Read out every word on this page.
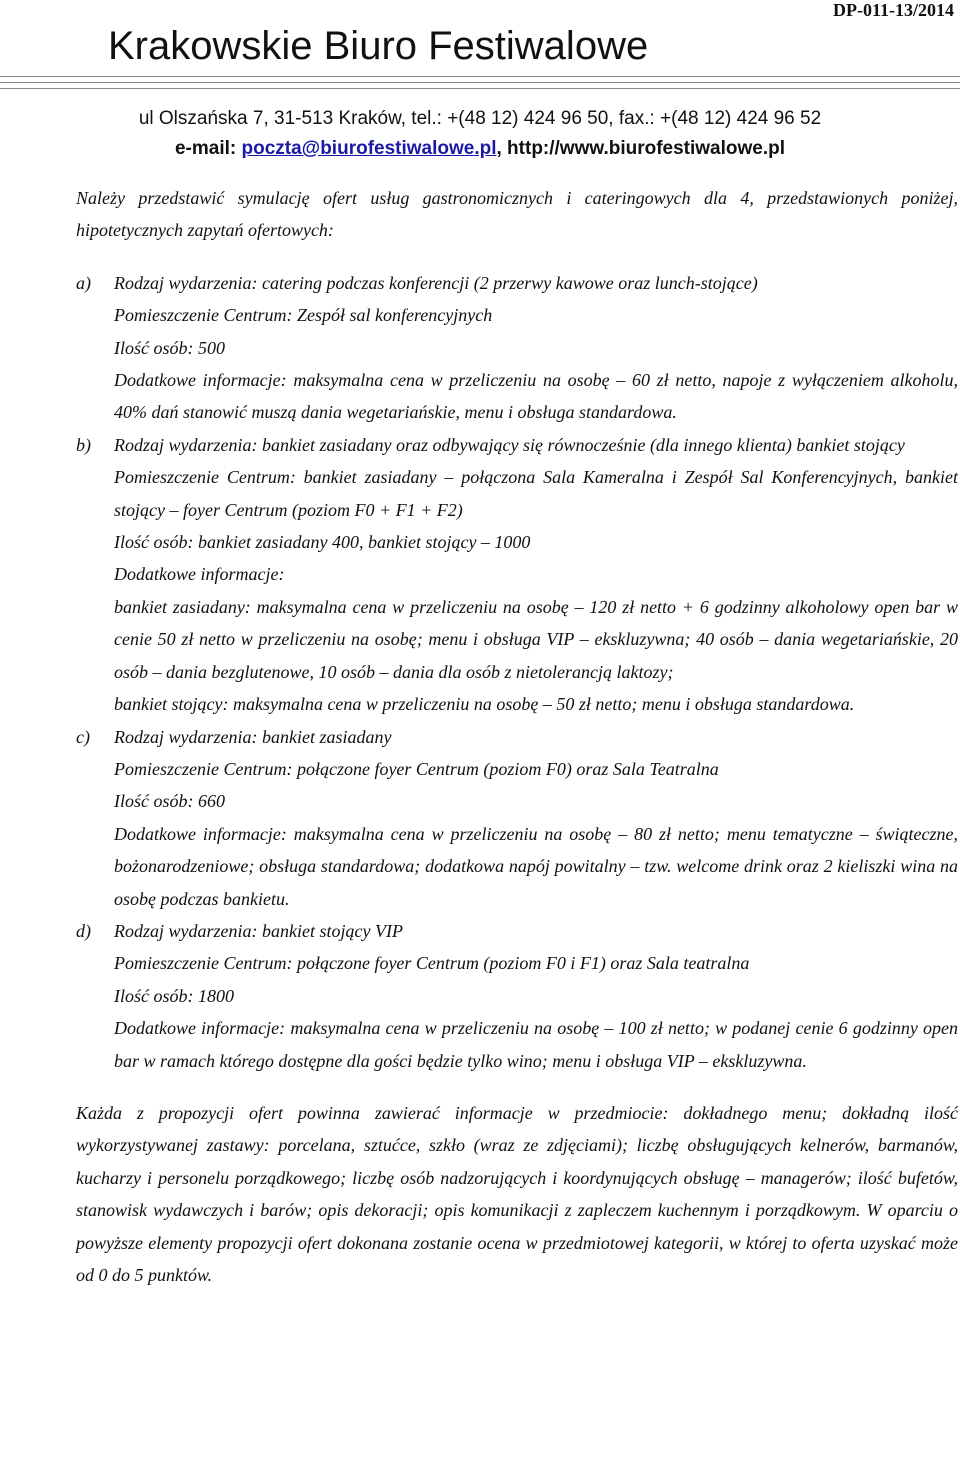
DP-011-13/2014
Krakowskie Biuro Festiwalowe
ul Olszańska 7, 31-513 Kraków, tel.: +(48 12) 424 96 50, fax.: +(48 12) 424 96 52
e-mail: poczta@biurofestiwalowe.pl, http://www.biurofestiwalowe.pl

Należy przedstawić symulację ofert usług gastronomicznych i cateringowych dla 4, przedstawionych poniżej, hipotetycznych zapytań ofertowych:

a)	Rodzaj wydarzenia: catering podczas konferencji (2 przerwy kawowe oraz lunch-stojące)

Pomieszczenie Centrum: Zespół sal konferencyjnych

Ilość osób: 500

Dodatkowe informacje: maksymalna cena w przeliczeniu na osobę – 60 zł netto, napoje z wyłączeniem alkoholu, 40% dań stanowić muszą dania wegetariańskie, menu i obsługa standardowa.

b)	Rodzaj wydarzenia: bankiet zasiadany oraz odbywający się równocześnie (dla innego klienta) bankiet stojący

Pomieszczenie Centrum: bankiet zasiadany – połączona Sala Kameralna i Zespół Sal Konferencyjnych, bankiet stojący – foyer Centrum (poziom F0 + F1 + F2)

Ilość osób: bankiet zasiadany 400, bankiet stojący – 1000

Dodatkowe informacje:

bankiet zasiadany: maksymalna cena w przeliczeniu na osobę – 120 zł netto + 6 godzinny alkoholowy open bar w cenie 50 zł netto w przeliczeniu na osobę; menu i obsługa VIP – ekskluzywna; 40 osób – dania wegetariańskie, 20 osób – dania bezglutenowe, 10 osób – dania dla osób z nietolerancją laktozy;

bankiet stojący: maksymalna cena w przeliczeniu na osobę – 50 zł netto; menu i obsługa standardowa.

c)	Rodzaj wydarzenia: bankiet zasiadany

Pomieszczenie Centrum: połączone foyer Centrum (poziom F0) oraz Sala Teatralna

Ilość osób: 660

Dodatkowe informacje: maksymalna cena w przeliczeniu na osobę – 80 zł netto; menu tematyczne – świąteczne, bożonarodzeniowe; obsługa standardowa; dodatkowa napój powitalny – tzw. welcome drink oraz 2 kieliszki wina na osobę podczas bankietu.

d)	Rodzaj wydarzenia: bankiet stojący VIP

Pomieszczenie Centrum: połączone foyer Centrum (poziom F0 i F1) oraz Sala teatralna

Ilość osób: 1800

Dodatkowe informacje: maksymalna cena w przeliczeniu na osobę – 100 zł netto; w podanej cenie 6 godzinny open bar w ramach którego dostępne dla gości będzie tylko wino; menu i obsługa VIP – ekskluzywna.

Każda z propozycji ofert powinna zawierać informacje w przedmiocie: dokładnego menu; dokładną ilość wykorzystywanej zastawy: porcelana, sztućce, szkło (wraz ze zdjęciami); liczbę obsługujących kelnerów, barmanów, kucharzy i personelu porządkowego; liczbę osób nadzorujących i koordynujących obsługę – managerów; ilość bufetów, stanowisk wydawczych i barów; opis dekoracji; opis komunikacji z zapleczem kuchennym i porządkowym. W oparciu o powyższe elementy propozycji ofert dokonana zostanie ocena w przedmiotowej kategorii, w której to oferta uzyskać może od 0 do 5 punktów.
